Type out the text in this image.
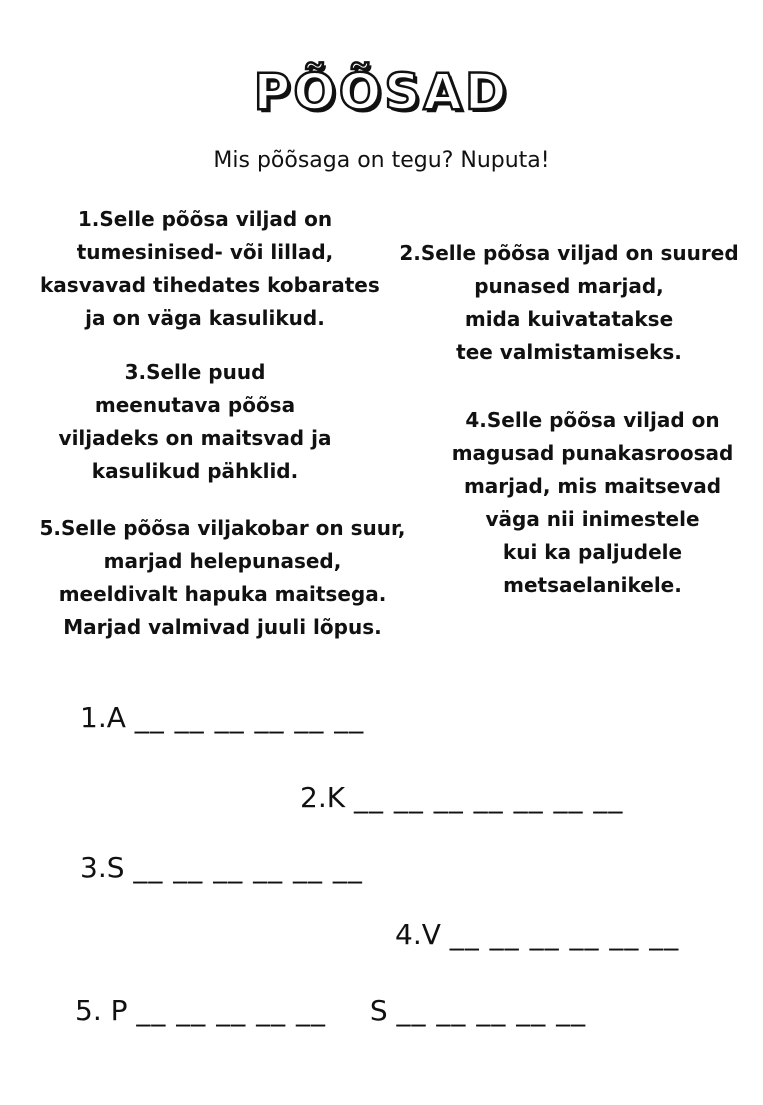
PÕÕSAD
Mis põõsaga on tegu? Nuputa!
1.Selle põõsa viljad on
tumesinised- või lillad,
kasvavad tihedates kobarates
ja on väga kasulikud.
2.Selle põõsa viljad on suured
punased marjad,
mida kuivatatakse
tee valmistamiseks.
3.Selle puud
meenutava põõsa
viljadeks on maitsvad ja
kasulikud pähklid.
4.Selle põõsa viljad on
magusad punakasroosad
marjad, mis maitsevad
väga nii inimestele
kui ka paljudele
metsaelanikele.
5.Selle põõsa viljakobar on suur,
marjad helepunased,
meeldivalt hapuka maitsega.
Marjad valmivad juuli lõpus.
1.A __ __ __ __ __ __
2.K __ __ __ __ __ __ __
3.S __ __ __ __ __ __
4.V __ __ __ __ __ __
5. P __ __ __ __ __ S __ __ __ __ __
